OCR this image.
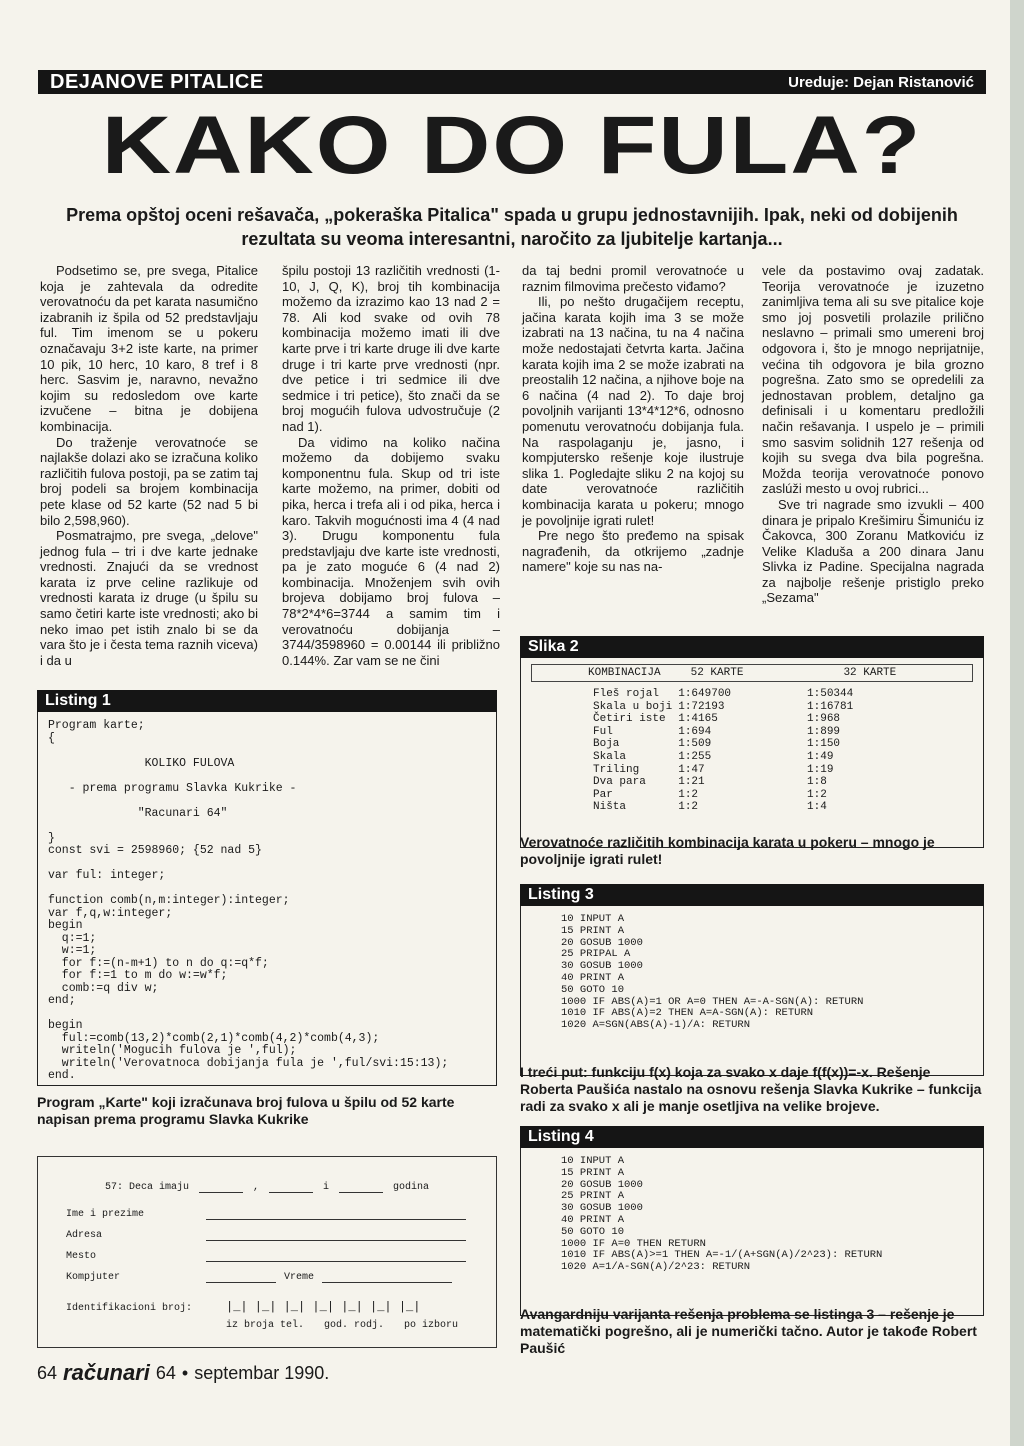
DEJANOVE PITALICE	Ureduje: Dejan Ristanović
KAKO DO FULA?
Prema opštoj oceni rešavača, „pokeraška Pitalica" spada u grupu jednostavnijih. Ipak, neki od dobijenih rezultata su veoma interesantni, naročito za ljubitelje kartanja...

Podsetimo se, pre svega, Pitalice koja je zahtevala da odredite verovatnoću da pet karata nasumično izabranih iz špila od 52 predstavljaju ful. Tim imenom se u pokeru označavaju 3+2 iste karte, na primer 10 pik, 10 herc, 10 karo, 8 tref i 8 herc. Sasvim je, naravno, nevažno kojim su redosledom ove karte izvučene – bitna je dobijena kombinacija.

Do traženje verovatnoće se najlakše dolazi ako se izračuna koliko različitih fulova postoji, pa se zatim taj broj podeli sa brojem kombinacija pete klase od 52 karte (52 nad 5 bi bilo 2,598,960).

Posmatrajmo, pre svega, „delove" jednog fula – tri i dve karte jednake vrednosti. Znajući da se vrednost karata iz prve celine razlikuje od vrednosti karata iz druge (u špilu su samo četiri karte iste vrednosti; ako bi neko imao pet istih znalo bi se da vara što je i česta tema raznih viceva) i da u

špilu postoji 13 različitih vrednosti (1-10, J, Q, K), broj tih kombinacija možemo da izrazimo kao 13 nad 2 = 78. Ali kod svake od ovih 78 kombinacija možemo imati ili dve karte prve i tri karte druge ili dve karte druge i tri karte prve vrednosti (npr. dve petice i tri sedmice ili dve sedmice i tri petice), što znači da se broj mogućih fulova udvostručuje (2 nad 1).

Da vidimo na koliko načina možemo da dobijemo svaku komponentnu fula. Skup od tri iste karte možemo, na primer, dobiti od pika, herca i trefa ali i od pika, herca i karo. Takvih mogućnosti ima 4 (4 nad 3). Drugu komponentu fula predstavljaju dve karte iste vrednosti, pa je zato moguće 6 (4 nad 2) kombinacija. Množenjem svih ovih brojeva dobijamo broj fulova – 78*2*4*6=3744 a samim tim i verovatnoću dobijanja – 3744/3598960 = 0.00144 ili približno 0.144%. Zar vam se ne čini

da taj bedni promil verovatnoće u raznim filmovima prečesto viđamo?

Ili, po nešto drugačijem receptu, jačina karata kojih ima 3 se može izabrati na 13 načina, tu na 4 načina može nedostajati četvrta karta. Jačina karata kojih ima 2 se može izabrati na preostalih 12 načina, a njihove boje na 6 načina (4 nad 2). To daje broj povoljnih varijanti 13*4*12*6, odnosno pomenutu verovatnoću dobijanja fula. Na raspolaganju je, jasno, i kompjutersko rešenje koje ilustruje slika 1. Pogledajte sliku 2 na kojoj su date verovatnoće različitih kombinacija karata u pokeru; mnogo je povoljnije igrati rulet!

Pre nego što pređemo na spisak nagrađenih, da otkrijemo „zadnje namere" koje su nas na-

vele da postavimo ovaj zadatak. Teorija verovatnoće je izuzetno zanimljiva tema ali su sve pitalice koje smo joj posvetili prolazile prilično neslavno – primali smo umereni broj odgovora i, što je mnogo neprijatnije, većina tih odgovora je bila grozno pogrešna. Zato smo se opredelili za jednostavan problem, detaljno ga definisali i u komentaru predložili način rešavanja. I uspelo je – primili smo sasvim solidnih 127 rešenja od kojih su svega dva bila pogrešna. Možda teorija verovatnoće ponovo zaslúži mesto u ovoj rubrici...

Sve tri nagrade smo izvukli – 400 dinara je pripalo Krešimiru Šimuniću iz Čakovca, 300 Zoranu Matkoviću iz Velike Kladuša a 200 dinara Janu Slivka iz Padine. Specijalna nagrada za najbolje rešenje pristiglo preko „Sezama"

Listing 1
Program karte;
{

KOLIKO FULOVA

- prema programu Slavka Kukrike -

"Racunari 64"

}
const svi = 2598960; {52 nad 5}

var ful: integer;

function comb(n,m:integer):integer;
var f,q,w:integer;
begin
q:=1;
w:=1;
for f:=(n-m+1) to n do q:=q*f;
for f:=1 to m do w:=w*f;
comb:=q div w;
end;

begin
ful:=comb(13,2)*comb(2,1)*comb(4,2)*comb(4,3);
writeln('Mogucih fulova je ',ful);
writeln('Verovatnoca dobijanja fula je ',ful/svi:15:13);
end.
Program „Karte" koji izračunava broj fulova u špilu od 52 karte napisan prema programu Slavka Kukrike
57: Deca imaju	,	i	godina
Ime i prezime
Adresa
Mesto
Kompjuter	Vreme
Identifikacioni broj:	|_| |_| |_| |_| |_| |_| |_|
iz broja tel. god. rodj. po izboru
64 računari 64 • septembar 1990.
Slika 2
KOMBINACIJA	52 KARTE	32 KARTE
Fleš rojal	1:649700	1:50344
Skala u boji	1:72193	1:16781
Četiri iste	1:4165	1:968
Ful	1:694	1:899
Boja	1:509	1:150
Skala	1:255	1:49
Triling	1:47	1:19
Dva para	1:21	1:8
Par	1:2	1:2
Ništa	1:2	1:4
Verovatnoće različitih kombinacija karata u pokeru – mnogo je povoljnije igrati rulet!
Listing 3
10 INPUT A
15 PRINT A
20 GOSUB 1000
25 PRIPAL A
30 GOSUB 1000
40 PRINT A
50 GOTO 10
1000 IF ABS(A)=1 OR A=0 THEN A=-A-SGN(A): RETURN
1010 IF ABS(A)=2 THEN A=A-SGN(A): RETURN
1020 A=SGN(ABS(A)-1)/A: RETURN
I treći put: funkciju f(x) koja za svako x daje f(f(x))=-x. Rešenje Roberta Paušića nastalo na osnovu rešenja Slavka Kukrike – funkcija radi za svako x ali je manje osetljiva na velike brojeve.
Listing 4
10 INPUT A
15 PRINT A
20 GOSUB 1000
25 PRINT A
30 GOSUB 1000
40 PRINT A
50 GOTO 10
1000 IF A=0 THEN RETURN
1010 IF ABS(A)>=1 THEN A=-1/(A+SGN(A)/2^23): RETURN
1020 A=1/A-SGN(A)/2^23: RETURN
Avangardniju varijanta rešenja problema se listinga 3 – rešenje je matematički pogrešno, ali je numerički tačno. Autor je takođe Robert Paušić
